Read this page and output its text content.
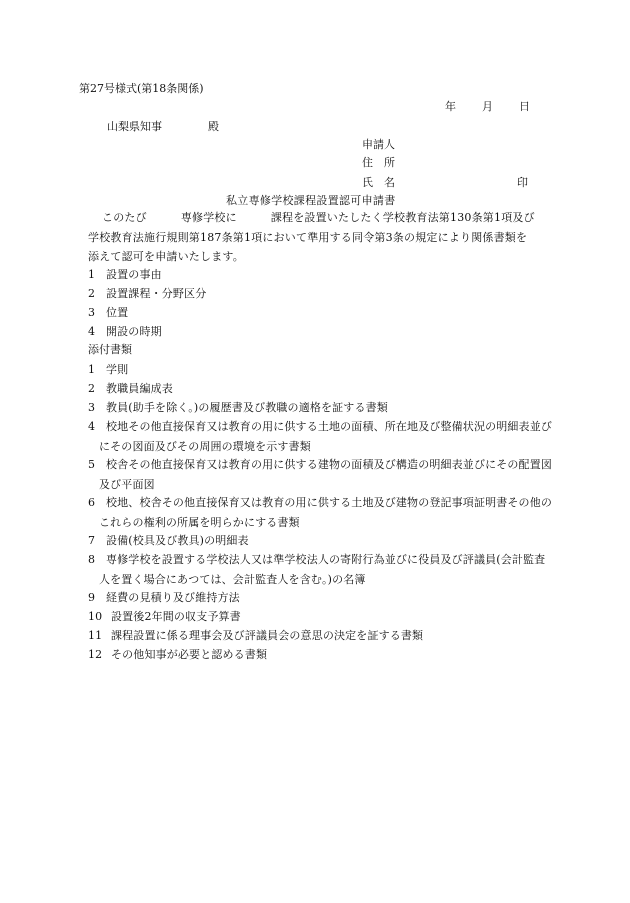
第27号様式(第18条関係)
年 月 日
山梨県知事	殿
申請人
住　所
氏　名	印
私立専修学校課程設置認可申請書
このたび	専修学校に	課程を設置いたしたく学校教育法第130条第1項及び学校教育法施行規則第187条第1項において準用する同令第3条の規定により関係書類を添えて認可を申請いたします。
1 設置の事由
2 設置課程・分野区分
3 位置
4 開設の時期
添付書類
1 学則
2 教職員編成表
3 教員(助手を除く。)の履歴書及び教職の適格を証する書類
4 校地その他直接保育又は教育の用に供する土地の面積、所在地及び整備状況の明細表並びにその図面及びその周囲の環境を示す書類
5 校舎その他直接保育又は教育の用に供する建物の面積及び構造の明細表並びにその配置図及び平面図
6 校地、校舎その他直接保育又は教育の用に供する土地及び建物の登記事項証明書その他のこれらの権利の所属を明らかにする書類
7 設備(校具及び教具)の明細表
8 専修学校を設置する学校法人又は準学校法人の寄附行為並びに役員及び評議員(会計監査人を置く場合にあつては、会計監査人を含む。)の名簿
9 経費の見積り及び維持方法
10 設置後2年間の収支予算書
11 課程設置に係る理事会及び評議員会の意思の決定を証する書類
12 その他知事が必要と認める書類
